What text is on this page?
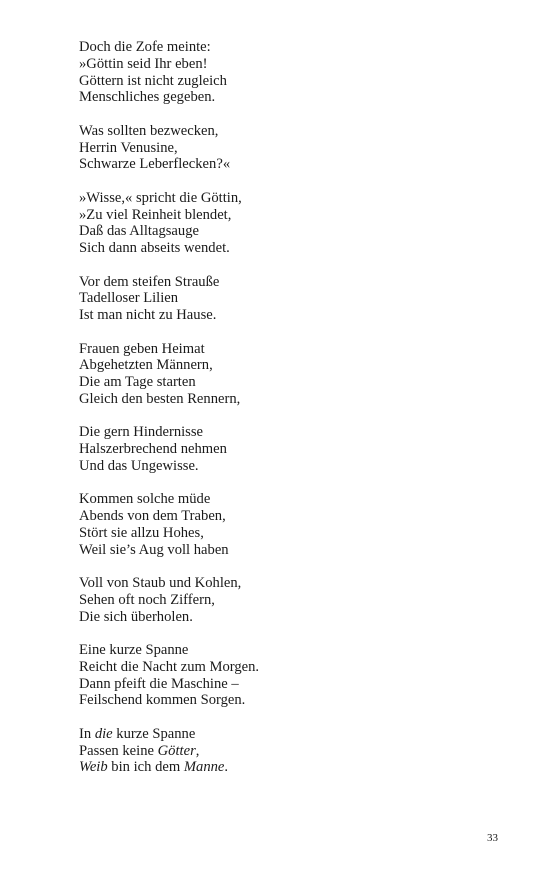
Doch die Zofe meinte:
»Göttin seid Ihr eben!
Göttern ist nicht zugleich
Menschliches gegeben.
Was sollten bezwecken,
Herrin Venusine,
Schwarze Leberflecken?«
»Wisse,« spricht die Göttin,
»Zu viel Reinheit blendet,
Daß das Alltagsauge
Sich dann abseits wendet.
Vor dem steifen Strauße
Tadelloser Lilien
Ist man nicht zu Hause.
Frauen geben Heimat
Abgehetzten Männern,
Die am Tage starten
Gleich den besten Rennern,
Die gern Hindernisse
Halszerbrechend nehmen
Und das Ungewisse.
Kommen solche müde
Abends von dem Traben,
Stört sie allzu Hohes,
Weil sie’s Aug voll haben
Voll von Staub und Kohlen,
Sehen oft noch Ziffern,
Die sich überholen.
Eine kurze Spanne
Reicht die Nacht zum Morgen.
Dann pfeift die Maschine –
Feilschend kommen Sorgen.
In die kurze Spanne
Passen keine Götter,
Weib bin ich dem Manne.
33
